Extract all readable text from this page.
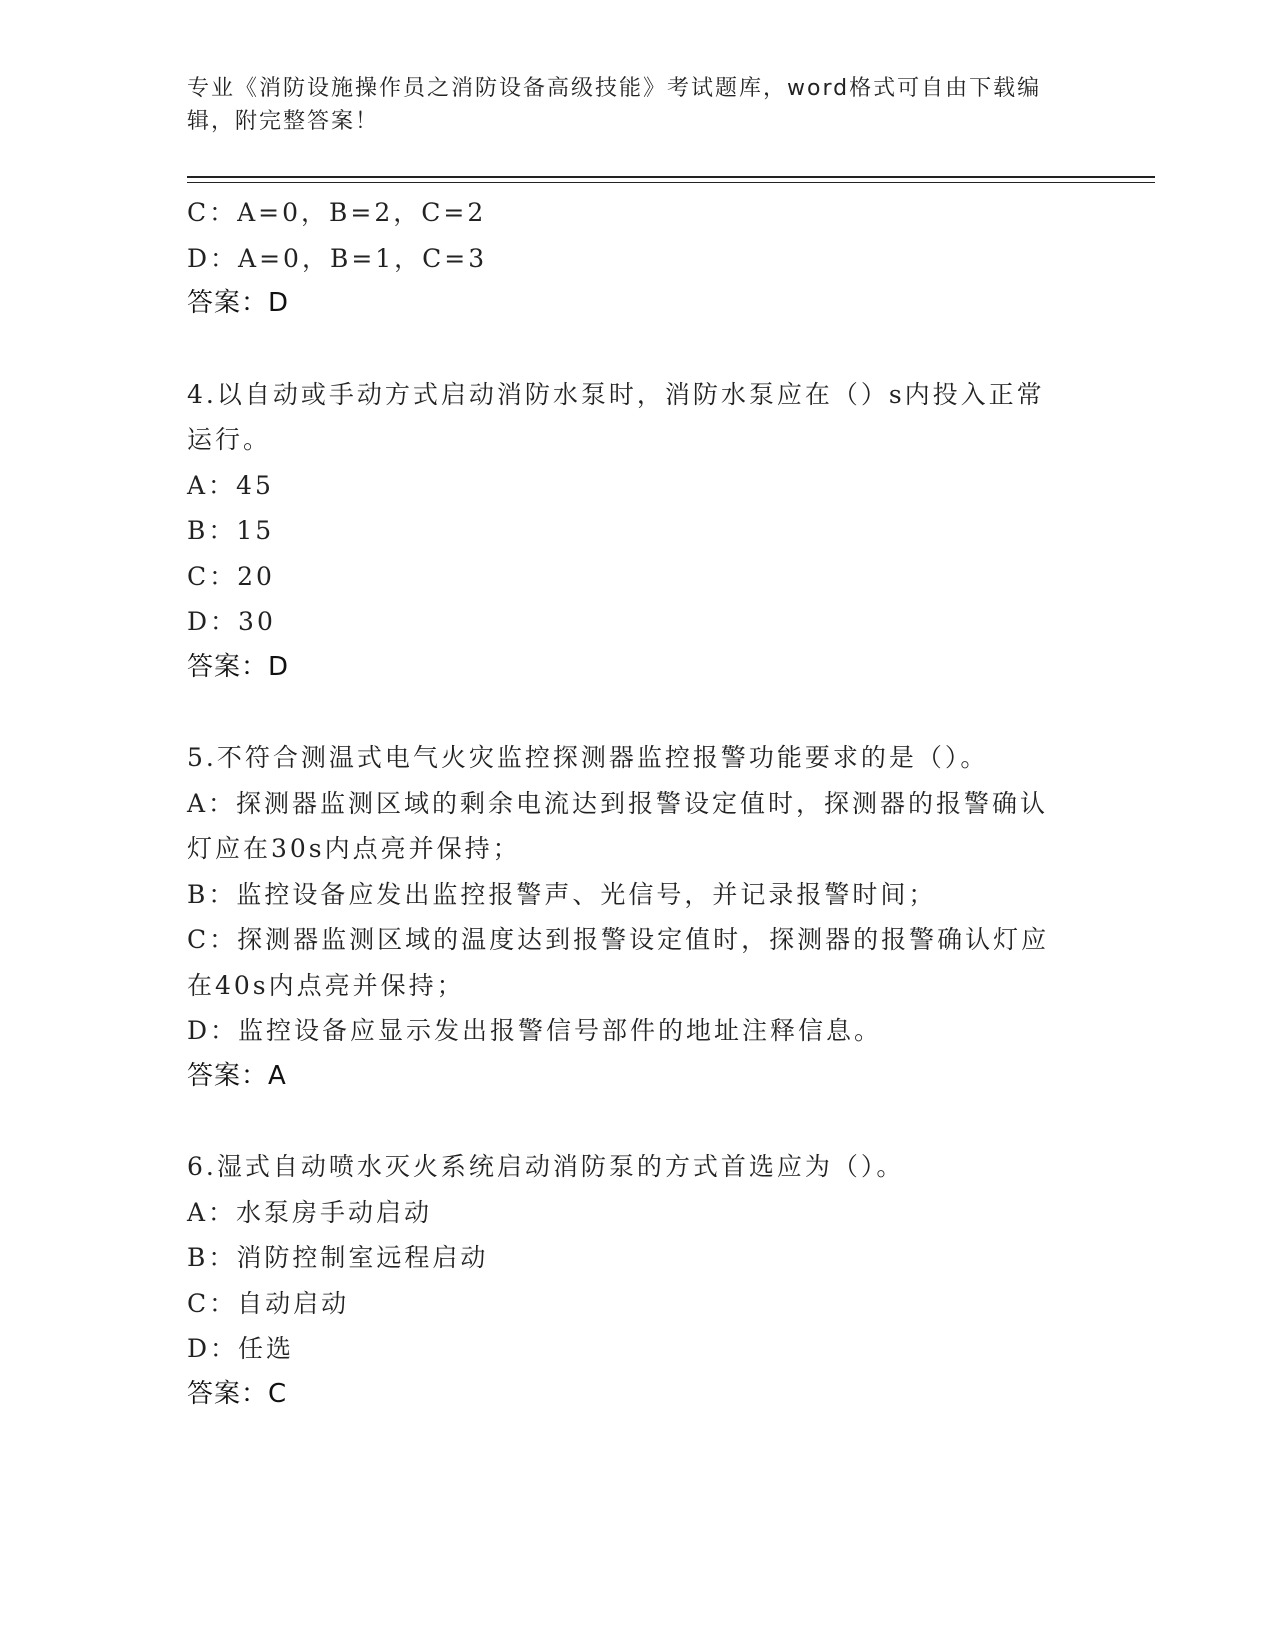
专业《消防设施操作员之消防设备高级技能》考试题库，word格式可自由下载编
辑，附完整答案！
C：A=0，B=2，C=2
D：A=0，B=1，C=3
答案：D
4.以自动或手动方式启动消防水泵时，消防水泵应在（）s内投入正常
运行。
A：45
B：15
C：20
D：30
答案：D
5.不符合测温式电气火灾监控探测器监控报警功能要求的是（）。
A：探测器监测区域的剩余电流达到报警设定值时，探测器的报警确认
灯应在30s内点亮并保持；
B：监控设备应发出监控报警声、光信号，并记录报警时间；
C：探测器监测区域的温度达到报警设定值时，探测器的报警确认灯应
在40s内点亮并保持；
D：监控设备应显示发出报警信号部件的地址注释信息。
答案：A
6.湿式自动喷水灭火系统启动消防泵的方式首选应为（）。
A：水泵房手动启动
B：消防控制室远程启动
C：自动启动
D：任选
答案：C
